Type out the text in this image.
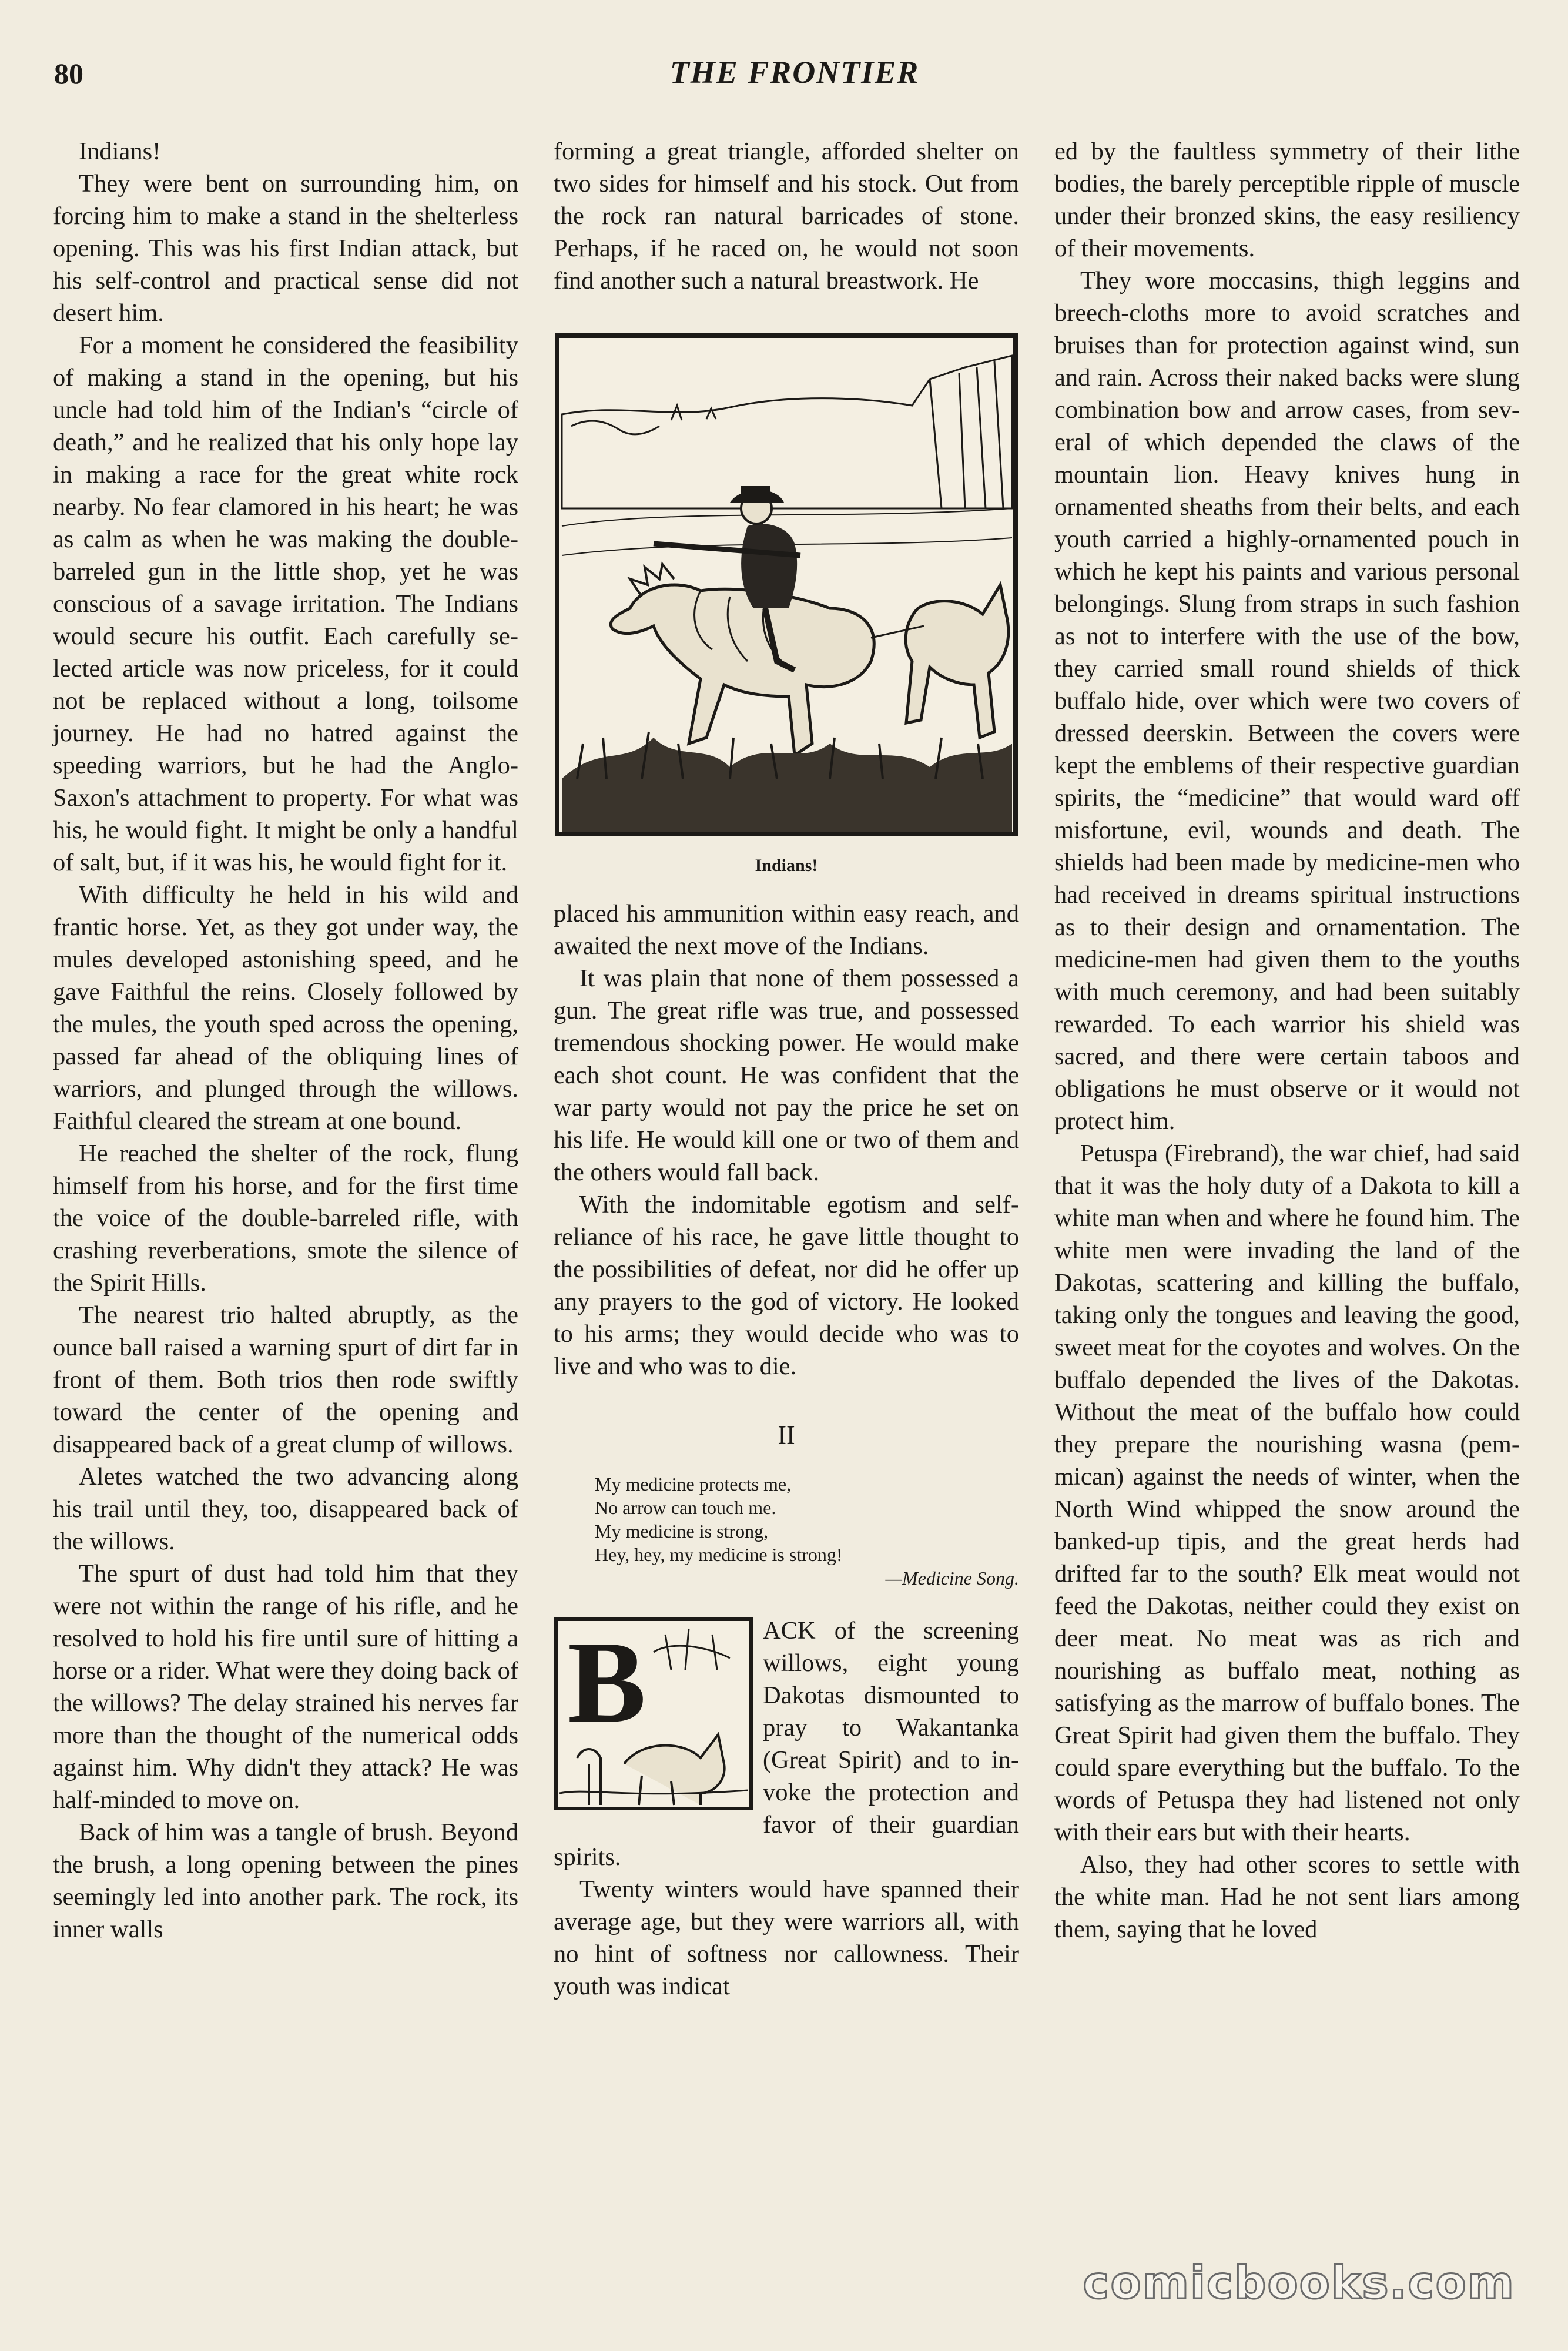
80	THE FRONTIER

Indians!

They were bent on surrounding him, on forcing him to make a stand in the shelterless opening. This was his first Indian attack, but his self-control and practical sense did not desert him.

For a moment he considered the feasibility of making a stand in the opening, but his uncle had told him of the Indian's “circle of death,” and he realized that his only hope lay in making a race for the great white rock nearby. No fear clamored in his heart; he was as calm as when he was making the double-barreled gun in the little shop, yet he was conscious of a savage irritation. The Indians would secure his outfit. Each carefully selected article was now priceless, for it could not be replaced without a long, toilsome journey. He had no hatred against the speeding warriors, but he had the Anglo-Saxon's attachment to property. For what was his, he would fight. It might be only a handful of salt, but, if it was his, he would fight for it.

With difficulty he held in his wild and frantic horse. Yet, as they got under way, the mules developed astonishing speed, and he gave Faithful the reins. Closely followed by the mules, the youth sped across the opening, passed far ahead of the obliquing lines of warriors, and plunged through the willows. Faithful cleared the stream at one bound.

He reached the shelter of the rock, flung himself from his horse, and for the first time the voice of the double-barreled rifle, with crashing reverberations, smote the silence of the Spirit Hills.

The nearest trio halted abruptly, as the ounce ball raised a warning spurt of dirt far in front of them. Both trios then rode swiftly toward the center of the opening and disappeared back of a great clump of willows.

Aletes watched the two advancing along his trail until they, too, disappeared back of the willows.

The spurt of dust had told him that they were not within the range of his rifle, and he resolved to hold his fire until sure of hitting a horse or a rider. What were they doing back of the willows? The delay strained his nerves far more than the thought of the numerical odds against him. Why didn't they attack? He was half-minded to move on.

Back of him was a tangle of brush. Beyond the brush, a long opening between the pines seemingly led into another park. The rock, its inner walls

forming a great triangle, afforded shelter on two sides for himself and his stock. Out from the rock ran natural barricades of stone. Perhaps, if he raced on, he would not soon find another such a natural breastwork. He

Indians!

placed his ammunition within easy reach, and awaited the next move of the Indians.

It was plain that none of them possessed a gun. The great rifle was true, and possessed tremendous shocking power. He would make each shot count. He was confident that the war party would not pay the price he set on his life. He would kill one or two of them and the others would fall back.

With the indomitable egotism and self-reliance of his race, he gave little thought to the possibilities of defeat, nor did he offer up any prayers to the god of victory. He looked to his arms; they would decide who was to live and who was to die.

II
My medicine protects me,
No arrow can touch me.
My medicine is strong,
Hey, hey, my medicine is strong!
—Medicine Song.
B	ACK of the screening willows, eight young Dakotas dismounted to pray to Wakantanka (Great Spirit) and to invoke the protection and favor of their guardian spirits.

Twenty winters would have spanned their average age, but they were warriors all, with no hint of softness nor callowness. Their youth was indicat

ed by the faultless symmetry of their lithe bodies, the barely perceptible ripple of muscle under their bronzed skins, the easy resiliency of their movements.

They wore moccasins, thigh leggins and breech-cloths more to avoid scratches and bruises than for protection against wind, sun and rain. Across their naked backs were slung combination bow and arrow cases, from several of which depended the claws of the mountain lion. Heavy knives hung in ornamented sheaths from their belts, and each youth carried a highly-ornamented pouch in which he kept his paints and various personal belongings. Slung from straps in such fashion as not to interfere with the use of the bow, they carried small round shields of thick buffalo hide, over which were two covers of dressed deerskin. Between the covers were kept the emblems of their respective guardian spirits, the “medicine” that would ward off misfortune, evil, wounds and death. The shields had been made by medicine-men who had received in dreams spiritual instructions as to their design and ornamentation. The medicine-men had given them to the youths with much ceremony, and had been suitably rewarded. To each warrior his shield was sacred, and there were certain taboos and obligations he must observe or it would not protect him.

Petuspa (Firebrand), the war chief, had said that it was the holy duty of a Dakota to kill a white man when and where he found him. The white men were invading the land of the Dakotas, scattering and killing the buffalo, taking only the tongues and leaving the good, sweet meat for the coyotes and wolves. On the buffalo depended the lives of the Dakotas. Without the meat of the buffalo how could they prepare the nourishing wasna (pemmican) against the needs of winter, when the North Wind whipped the snow around the banked-up tipis, and the great herds had drifted far to the south? Elk meat would not feed the Dakotas, neither could they exist on deer meat. No meat was as rich and nourishing as buffalo meat, nothing as satisfying as the marrow of buffalo bones. The Great Spirit had given them the buffalo. They could spare everything but the buffalo. To the words of Petuspa they had listened not only with their ears but with their hearts.

Also, they had other scores to settle with the white man. Had he not sent liars among them, saying that he loved

comicbooks.com
